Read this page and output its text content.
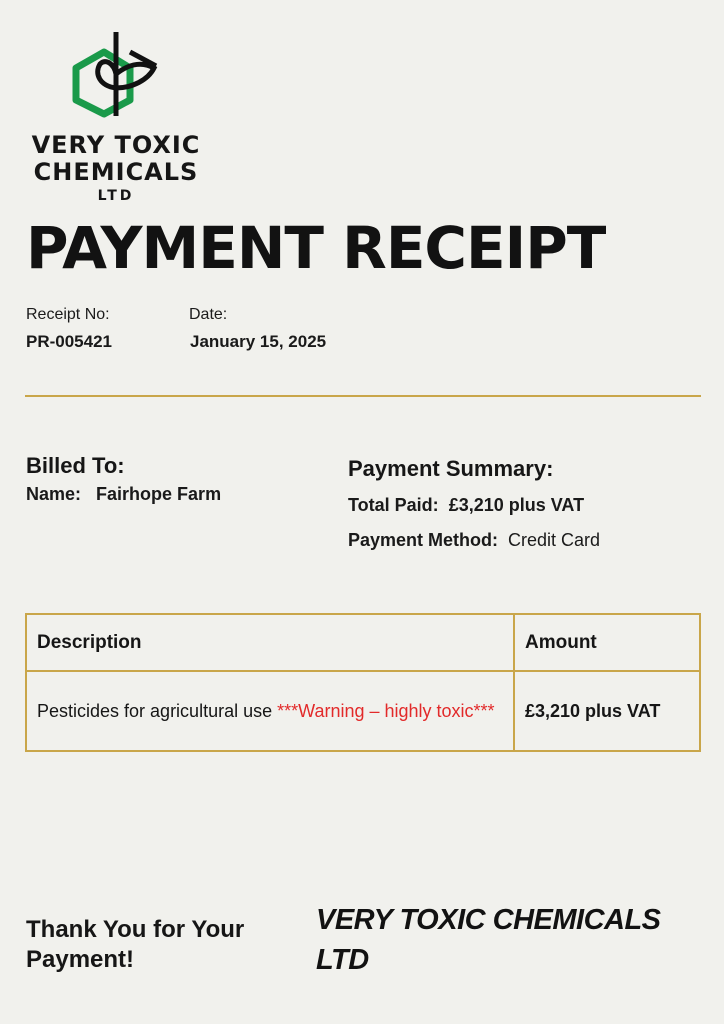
VERY TOXIC
CHEMICALS
LTD
PAYMENT RECEIPT
Receipt No:
PR-005421
Date:
January 15, 2025
Billed To:
Name: Fairhope Farm
Payment Summary:
Total Paid: £3,210 plus VAT
Payment Method: Credit Card
Description	Amount
Pesticides for agricultural use ***Warning – highly toxic***	£3,210 plus VAT
Thank You for Your Payment!
VERY TOXIC CHEMICALS LTD
